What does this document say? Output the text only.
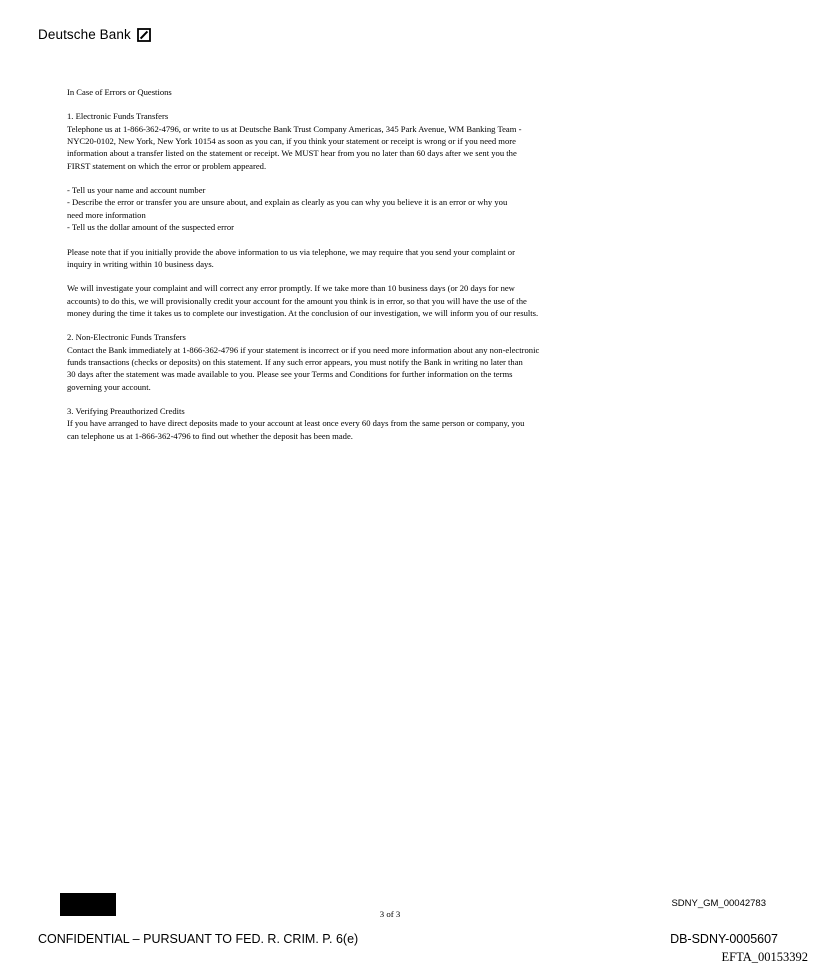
Deutsche Bank
In Case of Errors or Questions
1. Electronic Funds Transfers
Telephone us at 1-866-362-4796, or write to us at Deutsche Bank Trust Company Americas, 345 Park Avenue, WM Banking Team -
NYC20-0102, New York, New York 10154 as soon as you can, if you think your statement or receipt is wrong or if you need more
information about a transfer listed on the statement or receipt. We MUST hear from you no later than 60 days after we sent you the
FIRST statement on which the error or problem appeared.
- Tell us your name and account number
- Describe the error or transfer you are unsure about, and explain as clearly as you can why you believe it is an error or why you
need more information
- Tell us the dollar amount of the suspected error
Please note that if you initially provide the above information to us via telephone, we may require that you send your complaint or
inquiry in writing within 10 business days.
We will investigate your complaint and will correct any error promptly. If we take more than 10 business days (or 20 days for new
accounts) to do this, we will provisionally credit your account for the amount you think is in error, so that you will have the use of the
money during the time it takes us to complete our investigation. At the conclusion of our investigation, we will inform you of our results.
2. Non-Electronic Funds Transfers
Contact the Bank immediately at 1-866-362-4796 if your statement is incorrect or if you need more information about any non-electronic
funds transactions (checks or deposits) on this statement. If any such error appears, you must notify the Bank in writing no later than
30 days after the statement was made available to you. Please see your Terms and Conditions for further information on the terms
governing your account.
3. Verifying Preauthorized Credits
If you have arranged to have direct deposits made to your account at least once every 60 days from the same person or company, you
can telephone us at 1-866-362-4796 to find out whether the deposit has been made.
3 of 3
SDNY_GM_00042783
CONFIDENTIAL – PURSUANT TO FED. R. CRIM. P. 6(e)	DB-SDNY-0005607
EFTA_00153392
